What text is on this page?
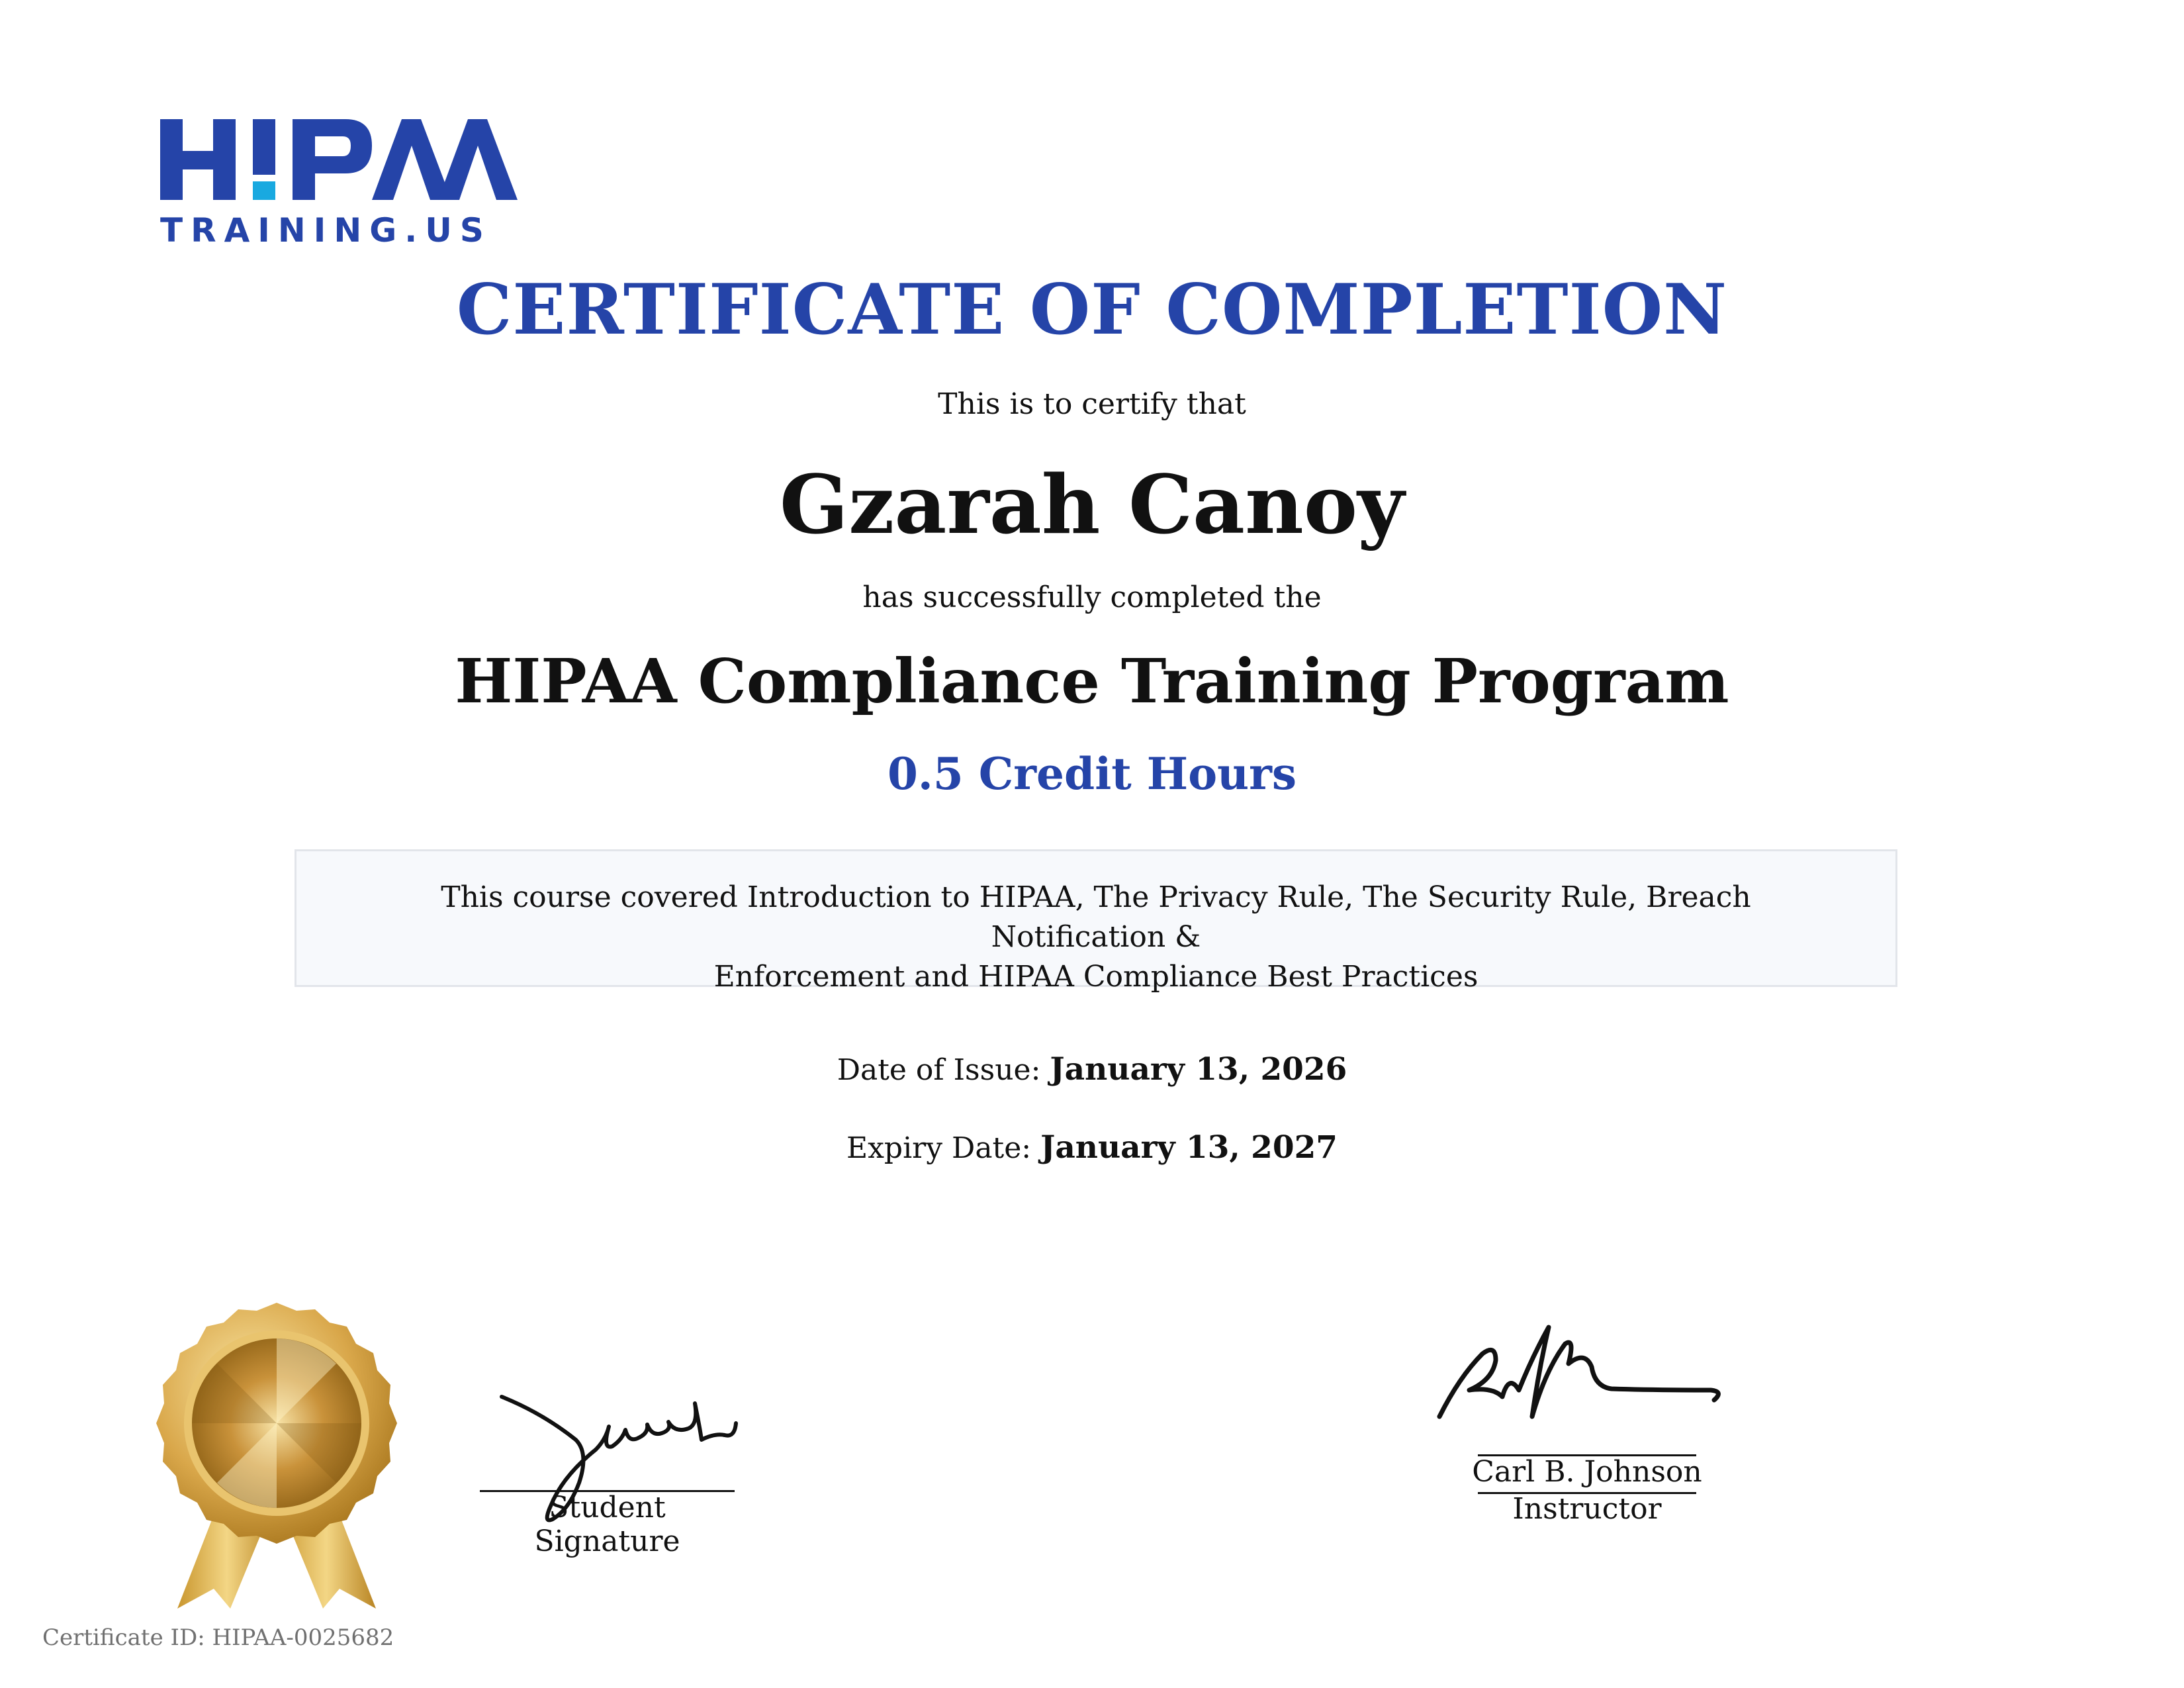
TRAINING.US
CERTIFICATE OF COMPLETION
This is to certify that
Gzarah Canoy
has successfully completed the
HIPAA Compliance Training Program
0.5 Credit Hours
This course covered Introduction to HIPAA, The Privacy Rule, The Security Rule, Breach Notification &
Enforcement and HIPAA Compliance Best Practices
Date of Issue: January 13, 2026
Expiry Date: January 13, 2027
Student Signature
Carl B. Johnson
Instructor
Certificate ID: HIPAA-0025682
